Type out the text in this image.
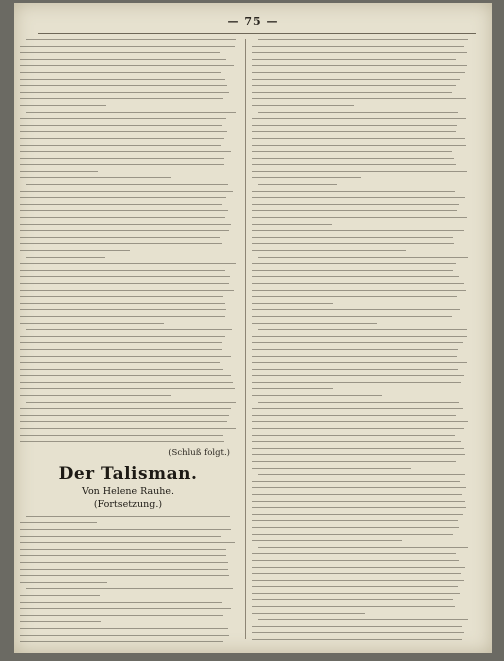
— 75 —
(Schluß folgt.)
Der Talisman.
Von Helene Rauhe.
(Fortsetzung.)
